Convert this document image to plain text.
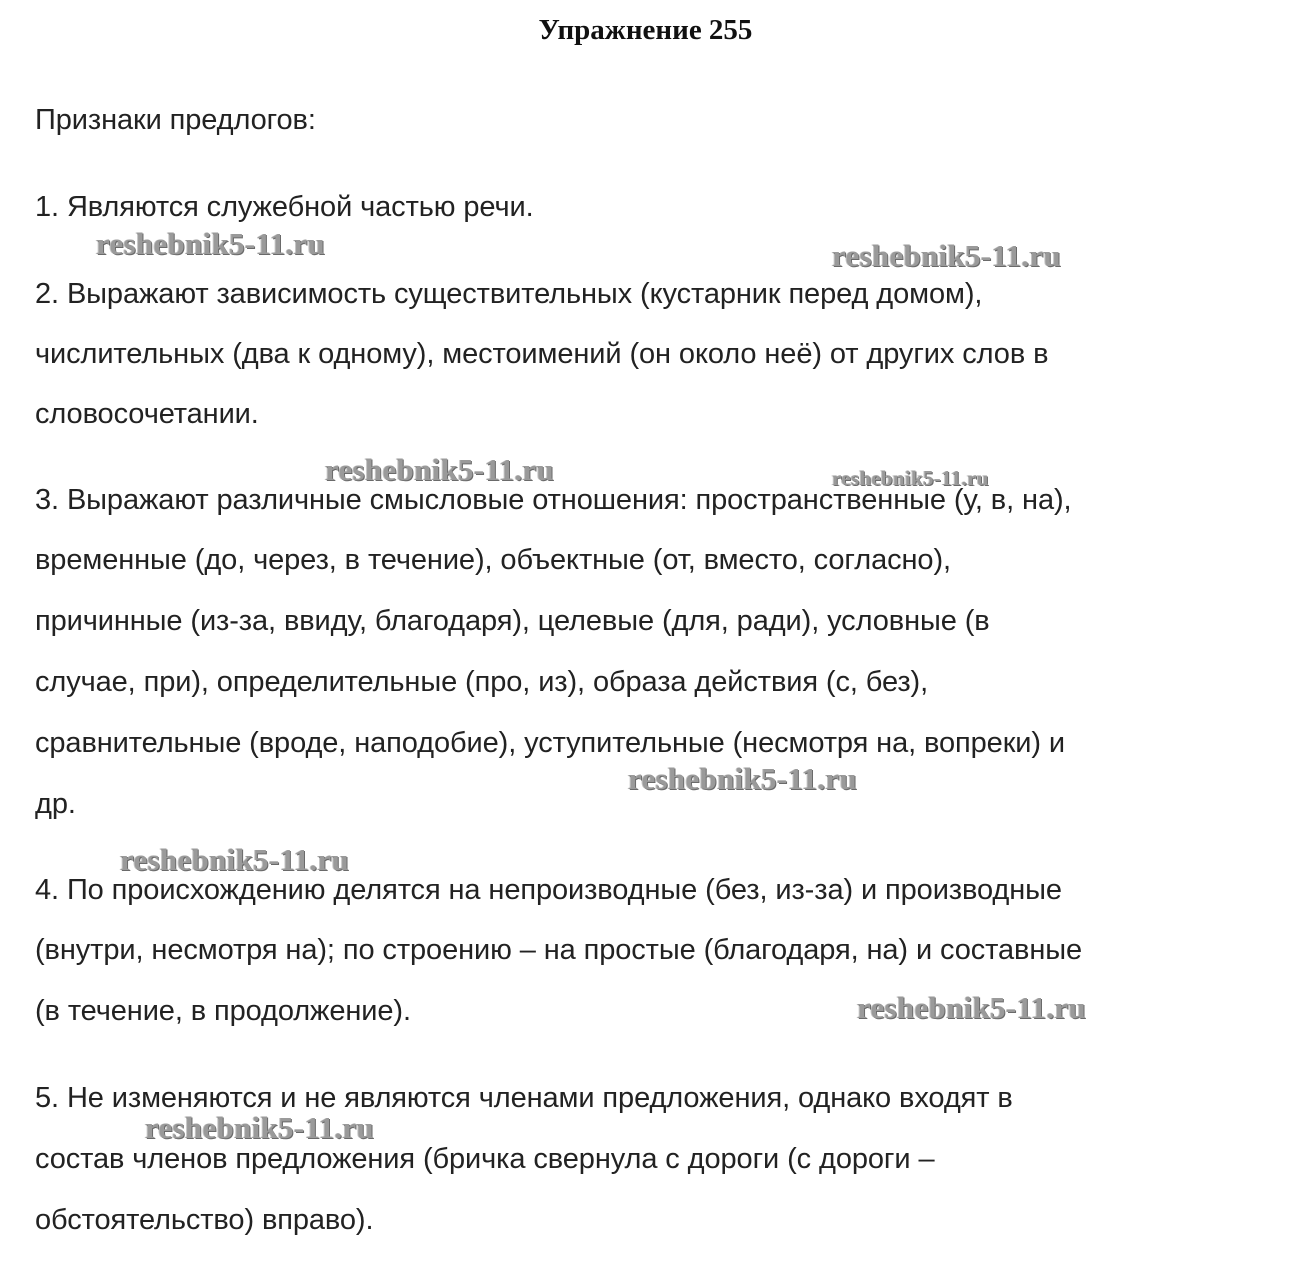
Упражнение 255
Признаки предлогов:
1. Являются служебной частью речи.
2. Выражают зависимость существительных (кустарник перед домом),
числительных (два к одному), местоимений (он около неё) от других слов в
словосочетании.
3. Выражают различные смысловые отношения: пространственные (у, в, на),
временные (до, через, в течение), объектные (от, вместо, согласно),
причинные (из-за, ввиду, благодаря), целевые (для, ради), условные (в
случае, при), определительные (про, из), образа действия (с, без),
сравнительные (вроде, наподобие), уступительные (несмотря на, вопреки) и
др.
4. По происхождению делятся на непроизводные (без, из-за) и производные
(внутри, несмотря на); по строению – на простые (благодаря, на) и составные
(в течение, в продолжение).
5. Не изменяются и не являются членами предложения, однако входят в
состав членов предложения (бричка свернула с дороги (с дороги –
обстоятельство) вправо).
reshebnik5-11.ru	reshebnik5-11.ru
reshebnik5-11.ru	reshebnik5-11.ru
reshebnik5-11.ru
reshebnik5-11.ru
reshebnik5-11.ru
reshebnik5-11.ru
